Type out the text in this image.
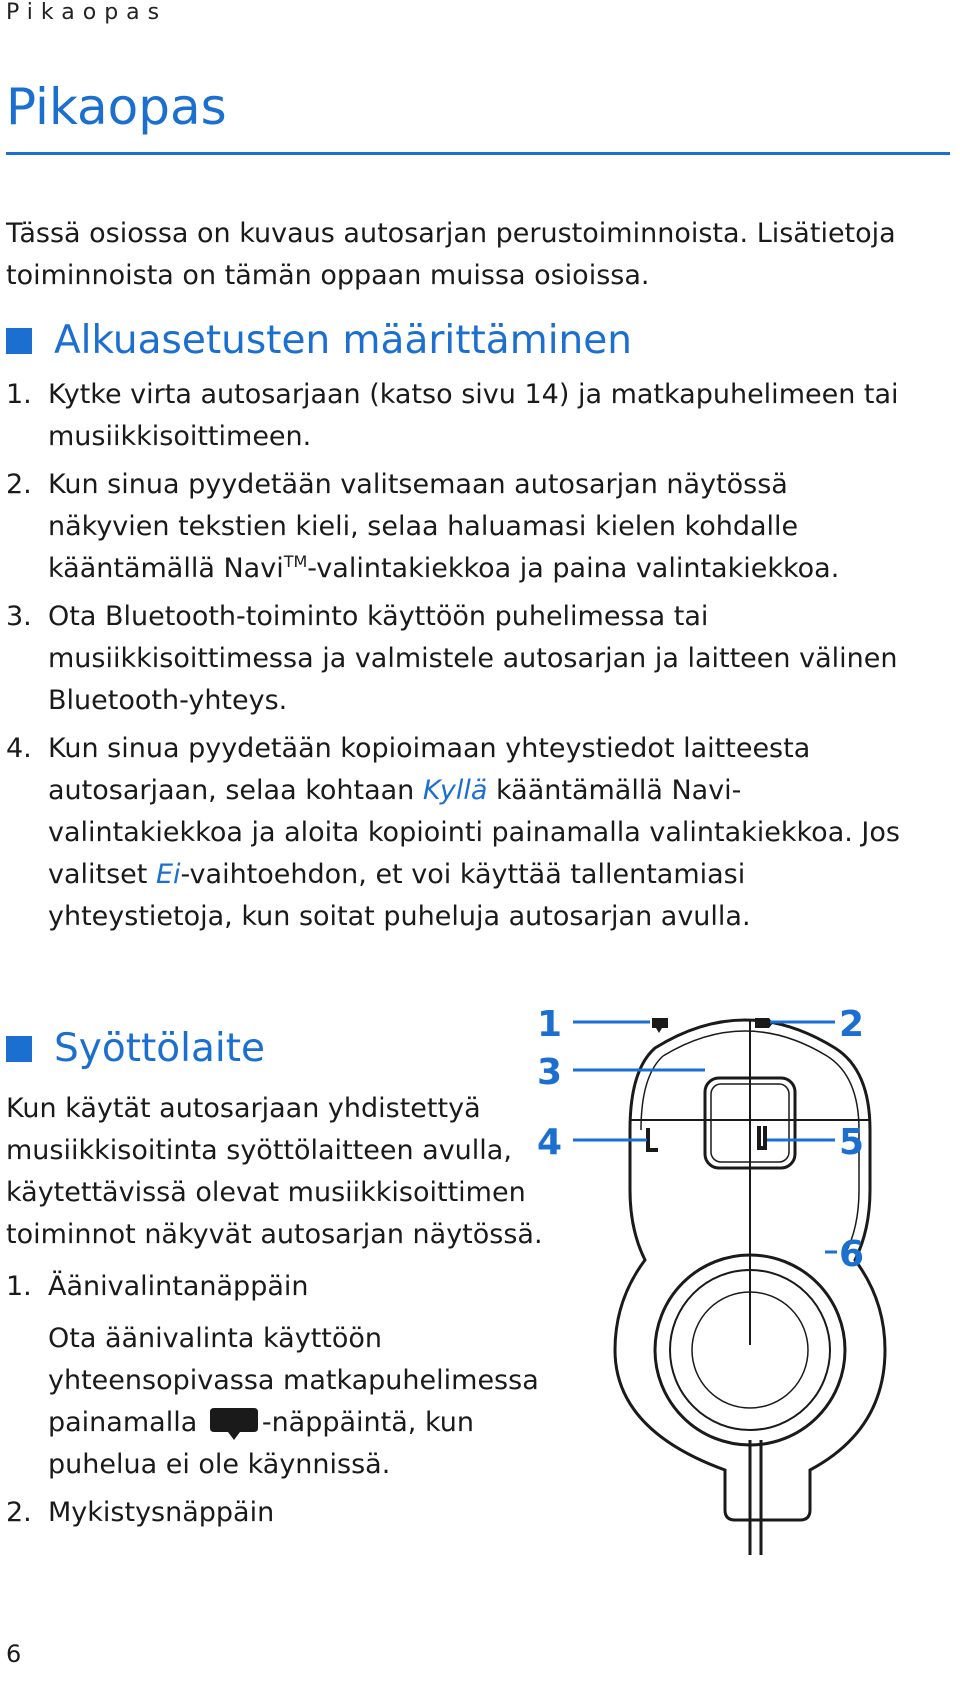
Pikaopas
Pikaopas

Tässä osiossa on kuvaus autosarjan perustoiminnoista. Lisätietoja toiminnoista on tämän oppaan muissa osioissa.

Alkuasetusten määrittäminen
1. Kytke virta autosarjaan (katso sivu 14) ja matkapuhelimeen tai musiikkisoittimeen.
2. Kun sinua pyydetään valitsemaan autosarjan näytössä näkyvien tekstien kieli, selaa haluamasi kielen kohdalle kääntämällä Navi™-valintakiekkoa ja paina valintakiekkoa.
3. Ota Bluetooth-toiminto käyttöön puhelimessa tai musiikkisoittimessa ja valmistele autosarjan ja laitteen välinen Bluetooth-yhteys.
4. Kun sinua pyydetään kopioimaan yhteystiedot laitteesta autosarjaan, selaa kohtaan Kyllä kääntämällä Navi-valintakiekkoa ja aloita kopiointi painamalla valintakiekkoa. Jos valitset Ei-vaihtoehdon, et voi käyttää tallentamiasi yhteystietoja, kun soitat puheluja autosarjan avulla.
Syöttölaite

Kun käytät autosarjaan yhdistettyä musiikkisoitinta syöttölaitteen avulla, käytettävissä olevat musiikkisoittimen toiminnot näkyvät autosarjan näytössä.

1. Äänivalintanäppäin
Ota äänivalinta käyttöön yhteensopivassa matkapuhelimessa painamalla -näppäintä, kun puhelua ei ole käynnissä.
2. Mykistysnäppäin
1	2
3
4	5
6
6
